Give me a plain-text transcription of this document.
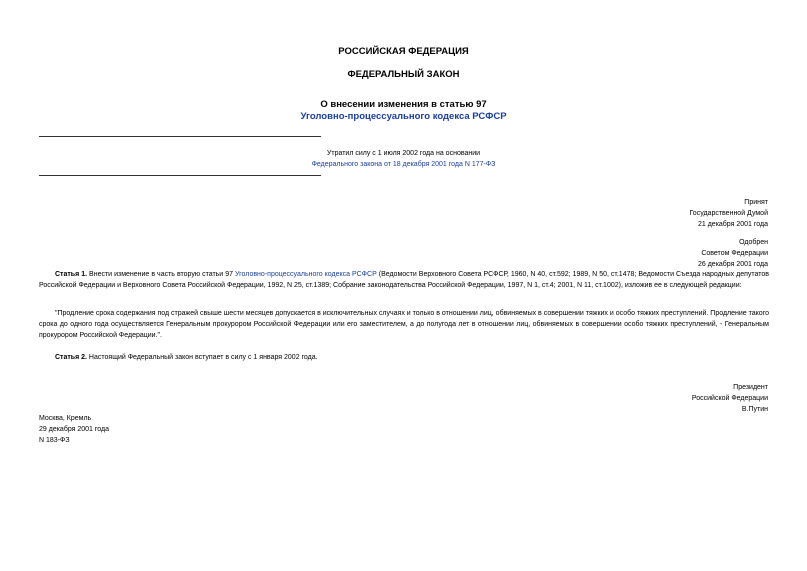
РОССИЙСКАЯ ФЕДЕРАЦИЯ
ФЕДЕРАЛЬНЫЙ ЗАКОН
О внесении изменения в статью 97
Уголовно-процессуального кодекса РСФСР
Утратил силу с 1 июля 2002 года на основании
Федерального закона от 18 декабря 2001 года N 177-ФЗ
Принят
Государственной Думой
21 декабря 2001 года
Одобрен
Советом Федерации
26 декабря 2001 года
Статья 1. Внести изменение в часть вторую статьи 97 Уголовно-процессуального кодекса РСФСР (Ведомости Верховного Совета РСФСР, 1960, N 40, ст.592; 1989, N 50, ст.1478; Ведомости Съезда народных депутатов Российской Федерации и Верховного Совета Российской Федерации, 1992, N 25, ст.1389; Собрание законодательства Российской Федерации, 1997, N 1, ст.4; 2001, N 11, ст.1002), изложив ее в следующей редакции:
"Продление срока содержания под стражей свыше шести месяцев допускается в исключительных случаях и только в отношении лиц, обвиняемых в совершении тяжких и особо тяжких преступлений. Продление такого срока до одного года осуществляется Генеральным прокурором Российской Федерации или его заместителем, а до полугода лет в отношении лиц, обвиняемых в совершении особо тяжких преступлений, - Генеральным прокурором Российской Федерации.".
Статья 2. Настоящий Федеральный закон вступает в силу с 1 января 2002 года.
Президент
Российской Федерации
В.Путин
Москва, Кремль
29 декабря 2001 года
N 183-ФЗ
